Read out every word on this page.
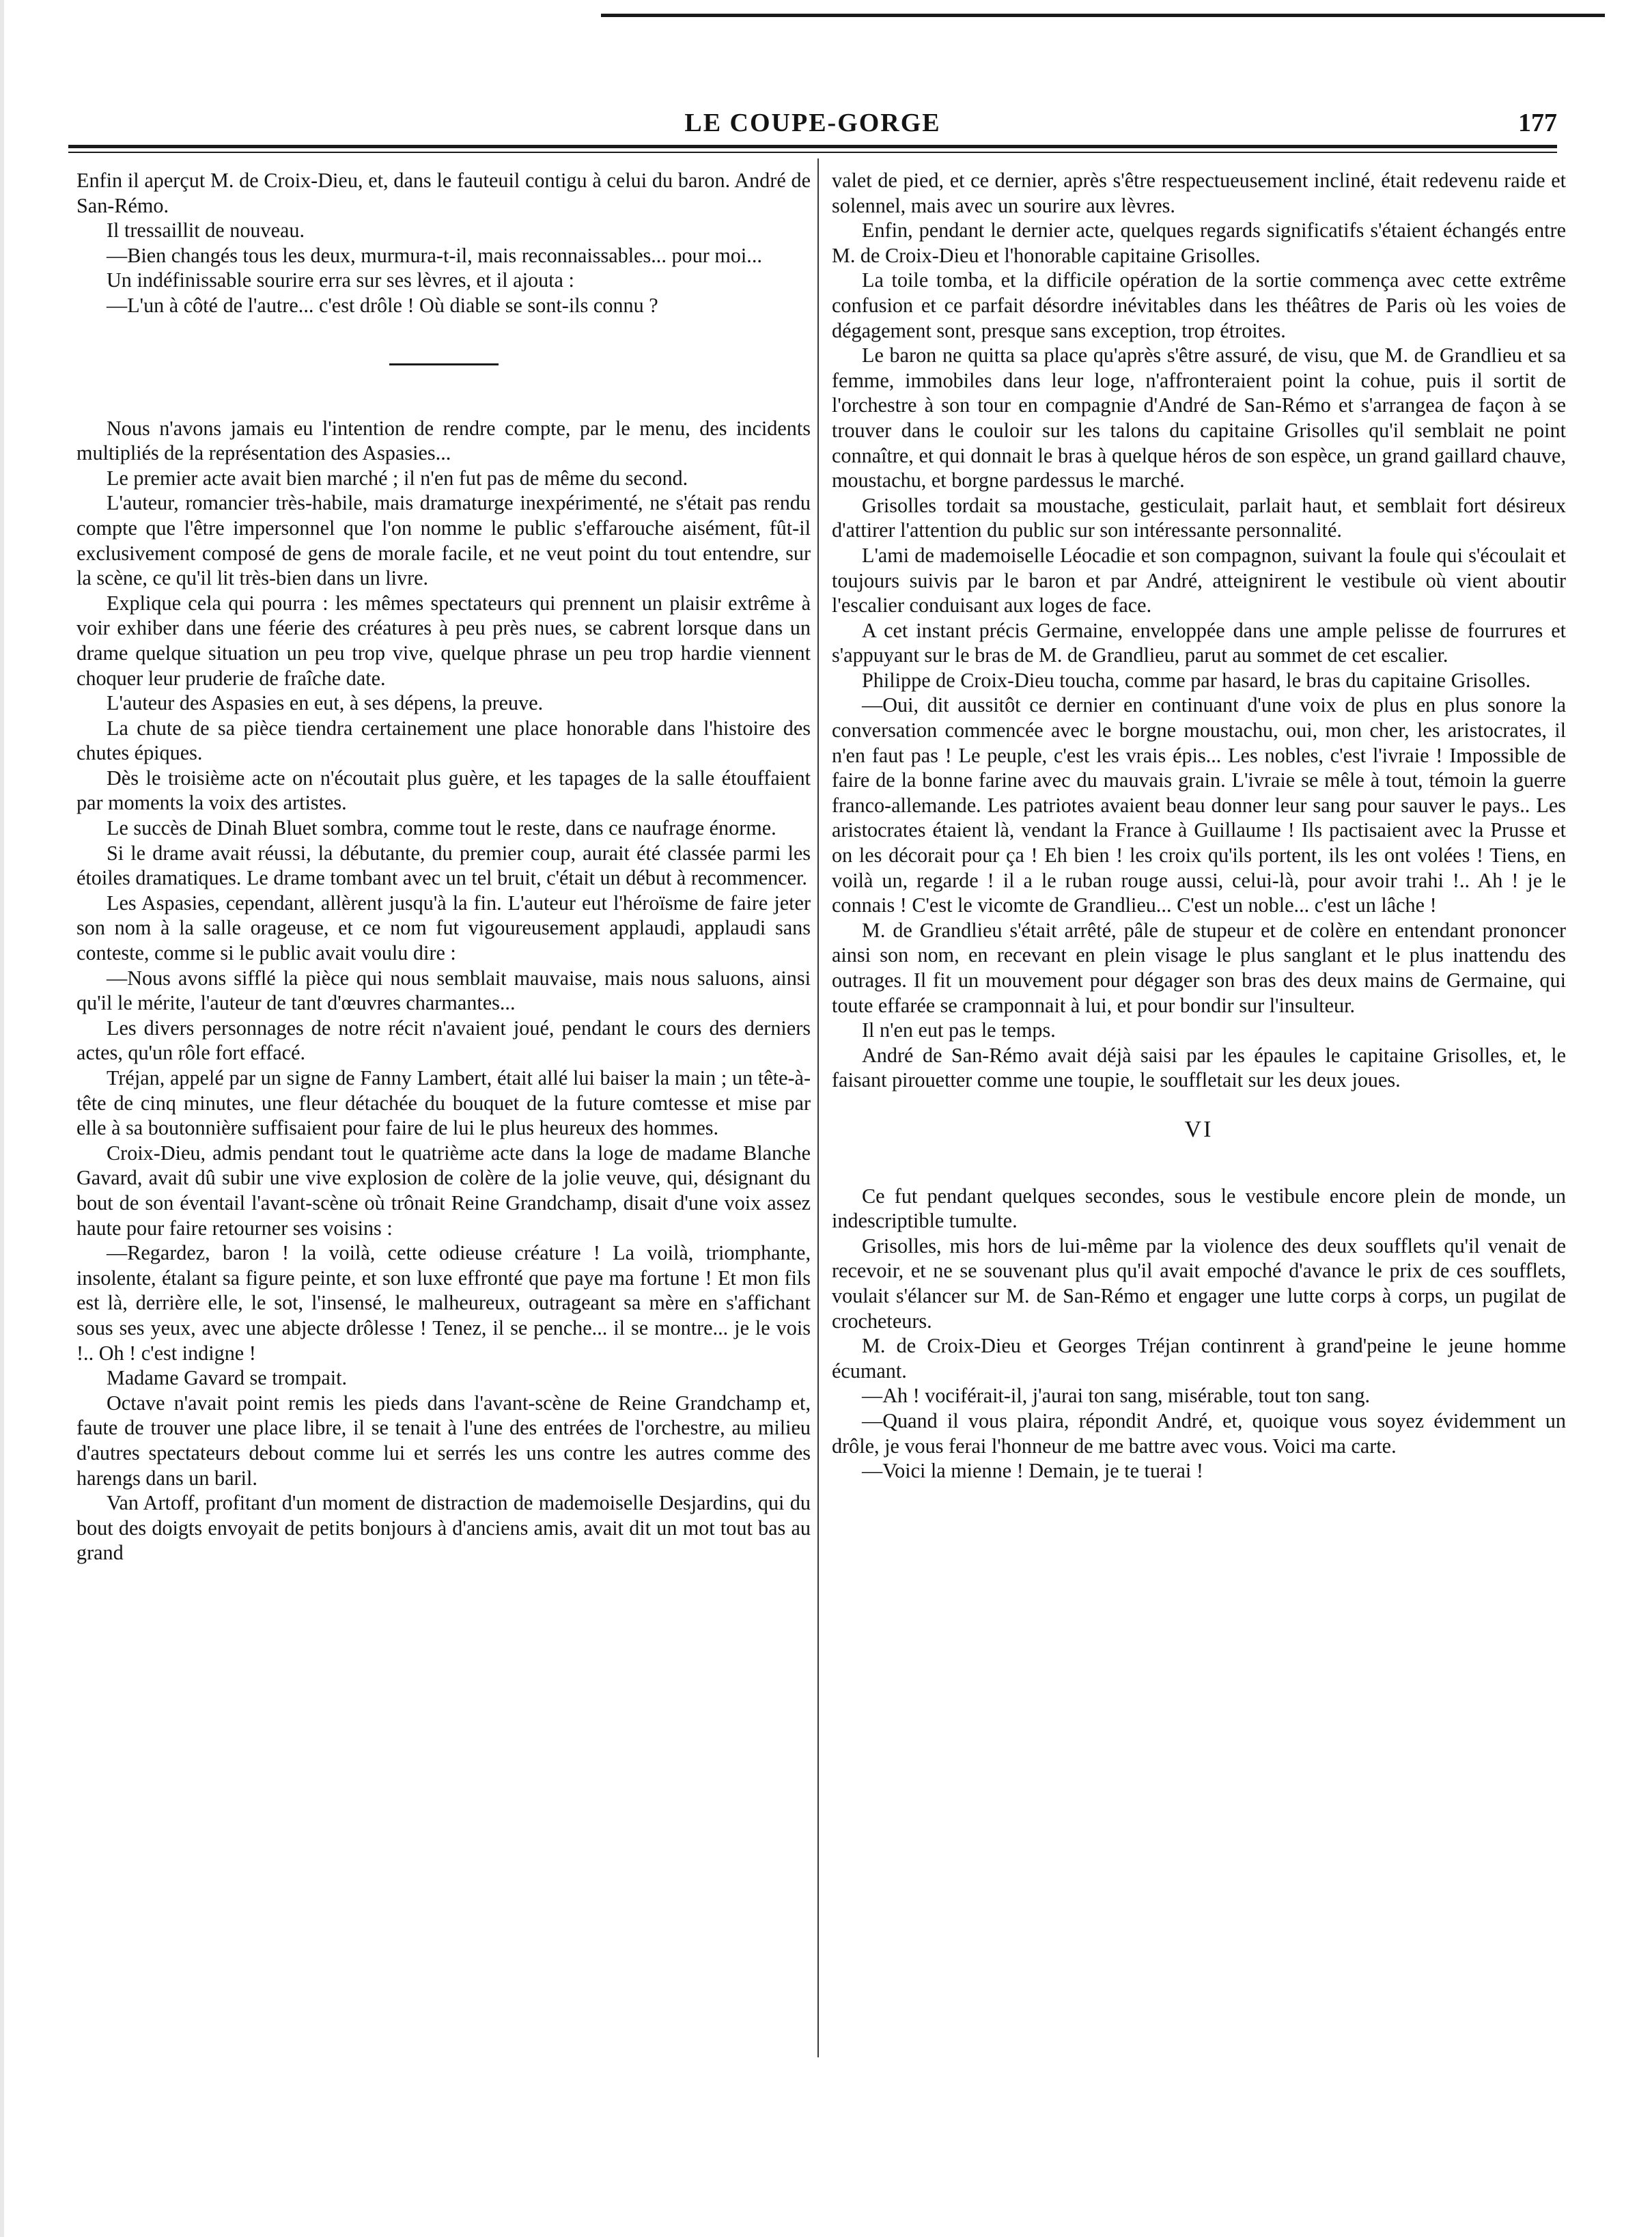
LE COUPE-GORGE	177

Enfin il aperçut M. de Croix-Dieu, et, dans le fauteuil contigu à celui du baron. André de San-Rémo.

Il tressaillit de nouveau.

—Bien changés tous les deux, murmura-t-il, mais reconnaissables... pour moi...

Un indéfinissable sourire erra sur ses lèvres, et il ajouta :

—L'un à côté de l'autre... c'est drôle ! Où diable se sont-ils connu ?

Nous n'avons jamais eu l'intention de rendre compte, par le menu, des incidents multipliés de la représentation des Aspasies...

Le premier acte avait bien marché ; il n'en fut pas de même du second.

L'auteur, romancier très-habile, mais dramaturge inexpérimenté, ne s'était pas rendu compte que l'être impersonnel que l'on nomme le public s'effarouche aisément, fût-il exclusivement composé de gens de morale facile, et ne veut point du tout entendre, sur la scène, ce qu'il lit très-bien dans un livre.

Explique cela qui pourra : les mêmes spectateurs qui prennent un plaisir extrême à voir exhiber dans une féerie des créatures à peu près nues, se cabrent lorsque dans un drame quelque situation un peu trop vive, quelque phrase un peu trop hardie viennent choquer leur pruderie de fraîche date.

L'auteur des Aspasies en eut, à ses dépens, la preuve.

La chute de sa pièce tiendra certainement une place honorable dans l'histoire des chutes épiques.

Dès le troisième acte on n'écoutait plus guère, et les tapages de la salle étouffaient par moments la voix des artistes.

Le succès de Dinah Bluet sombra, comme tout le reste, dans ce naufrage énorme.

Si le drame avait réussi, la débutante, du premier coup, aurait été classée parmi les étoiles dramatiques. Le drame tombant avec un tel bruit, c'était un début à recommencer.

Les Aspasies, cependant, allèrent jusqu'à la fin. L'auteur eut l'héroïsme de faire jeter son nom à la salle orageuse, et ce nom fut vigoureusement applaudi, applaudi sans conteste, comme si le public avait voulu dire :

—Nous avons sifflé la pièce qui nous semblait mauvaise, mais nous saluons, ainsi qu'il le mérite, l'auteur de tant d'œuvres charmantes...

Les divers personnages de notre récit n'avaient joué, pendant le cours des derniers actes, qu'un rôle fort effacé.

Tréjan, appelé par un signe de Fanny Lambert, était allé lui baiser la main ; un tête-à-tête de cinq minutes, une fleur détachée du bouquet de la future comtesse et mise par elle à sa boutonnière suffisaient pour faire de lui le plus heureux des hommes.

Croix-Dieu, admis pendant tout le quatrième acte dans la loge de madame Blanche Gavard, avait dû subir une vive explosion de colère de la jolie veuve, qui, désignant du bout de son éventail l'avant-scène où trônait Reine Grandchamp, disait d'une voix assez haute pour faire retourner ses voisins :

—Regardez, baron ! la voilà, cette odieuse créature ! La voilà, triomphante, insolente, étalant sa figure peinte, et son luxe effronté que paye ma fortune ! Et mon fils est là, derrière elle, le sot, l'insensé, le malheureux, outrageant sa mère en s'affichant sous ses yeux, avec une abjecte drôlesse ! Tenez, il se penche... il se montre... je le vois !.. Oh ! c'est indigne !

Madame Gavard se trompait.

Octave n'avait point remis les pieds dans l'avant-scène de Reine Grandchamp et, faute de trouver une place libre, il se tenait à l'une des entrées de l'orchestre, au milieu d'autres spectateurs debout comme lui et serrés les uns contre les autres comme des harengs dans un baril.

Van Artoff, profitant d'un moment de distraction de mademoiselle Desjardins, qui du bout des doigts envoyait de petits bonjours à d'anciens amis, avait dit un mot tout bas au grand

valet de pied, et ce dernier, après s'être respectueusement incliné, était redevenu raide et solennel, mais avec un sourire aux lèvres.

Enfin, pendant le dernier acte, quelques regards significatifs s'étaient échangés entre M. de Croix-Dieu et l'honorable capitaine Grisolles.

La toile tomba, et la difficile opération de la sortie commença avec cette extrême confusion et ce parfait désordre inévitables dans les théâtres de Paris où les voies de dégagement sont, presque sans exception, trop étroites.

Le baron ne quitta sa place qu'après s'être assuré, de visu, que M. de Grandlieu et sa femme, immobiles dans leur loge, n'affronteraient point la cohue, puis il sortit de l'orchestre à son tour en compagnie d'André de San-Rémo et s'arrangea de façon à se trouver dans le couloir sur les talons du capitaine Grisolles qu'il semblait ne point connaître, et qui donnait le bras à quelque héros de son espèce, un grand gaillard chauve, moustachu, et borgne pardessus le marché.

Grisolles tordait sa moustache, gesticulait, parlait haut, et semblait fort désireux d'attirer l'attention du public sur son intéressante personnalité.

L'ami de mademoiselle Léocadie et son compagnon, suivant la foule qui s'écoulait et toujours suivis par le baron et par André, atteignirent le vestibule où vient aboutir l'escalier conduisant aux loges de face.

A cet instant précis Germaine, enveloppée dans une ample pelisse de fourrures et s'appuyant sur le bras de M. de Grandlieu, parut au sommet de cet escalier.

Philippe de Croix-Dieu toucha, comme par hasard, le bras du capitaine Grisolles.

—Oui, dit aussitôt ce dernier en continuant d'une voix de plus en plus sonore la conversation commencée avec le borgne moustachu, oui, mon cher, les aristocrates, il n'en faut pas ! Le peuple, c'est les vrais épis... Les nobles, c'est l'ivraie ! Impossible de faire de la bonne farine avec du mauvais grain. L'ivraie se mêle à tout, témoin la guerre franco-allemande. Les patriotes avaient beau donner leur sang pour sauver le pays.. Les aristocrates étaient là, vendant la France à Guillaume ! Ils pactisaient avec la Prusse et on les décorait pour ça ! Eh bien ! les croix qu'ils portent, ils les ont volées ! Tiens, en voilà un, regarde ! il a le ruban rouge aussi, celui-là, pour avoir trahi !.. Ah ! je le connais ! C'est le vicomte de Grandlieu... C'est un noble... c'est un lâche !

M. de Grandlieu s'était arrêté, pâle de stupeur et de colère en entendant prononcer ainsi son nom, en recevant en plein visage le plus sanglant et le plus inattendu des outrages. Il fit un mouvement pour dégager son bras des deux mains de Germaine, qui toute effarée se cramponnait à lui, et pour bondir sur l'insulteur.

Il n'en eut pas le temps.

André de San-Rémo avait déjà saisi par les épaules le capitaine Grisolles, et, le faisant pirouetter comme une toupie, le souffletait sur les deux joues.

VI

Ce fut pendant quelques secondes, sous le vestibule encore plein de monde, un indescriptible tumulte.

Grisolles, mis hors de lui-même par la violence des deux soufflets qu'il venait de recevoir, et ne se souvenant plus qu'il avait empoché d'avance le prix de ces soufflets, voulait s'élancer sur M. de San-Rémo et engager une lutte corps à corps, un pugilat de crocheteurs.

M. de Croix-Dieu et Georges Tréjan continrent à grand'peine le jeune homme écumant.

—Ah ! vociférait-il, j'aurai ton sang, misérable, tout ton sang.

—Quand il vous plaira, répondit André, et, quoique vous soyez évidemment un drôle, je vous ferai l'honneur de me battre avec vous. Voici ma carte.

—Voici la mienne ! Demain, je te tuerai !
